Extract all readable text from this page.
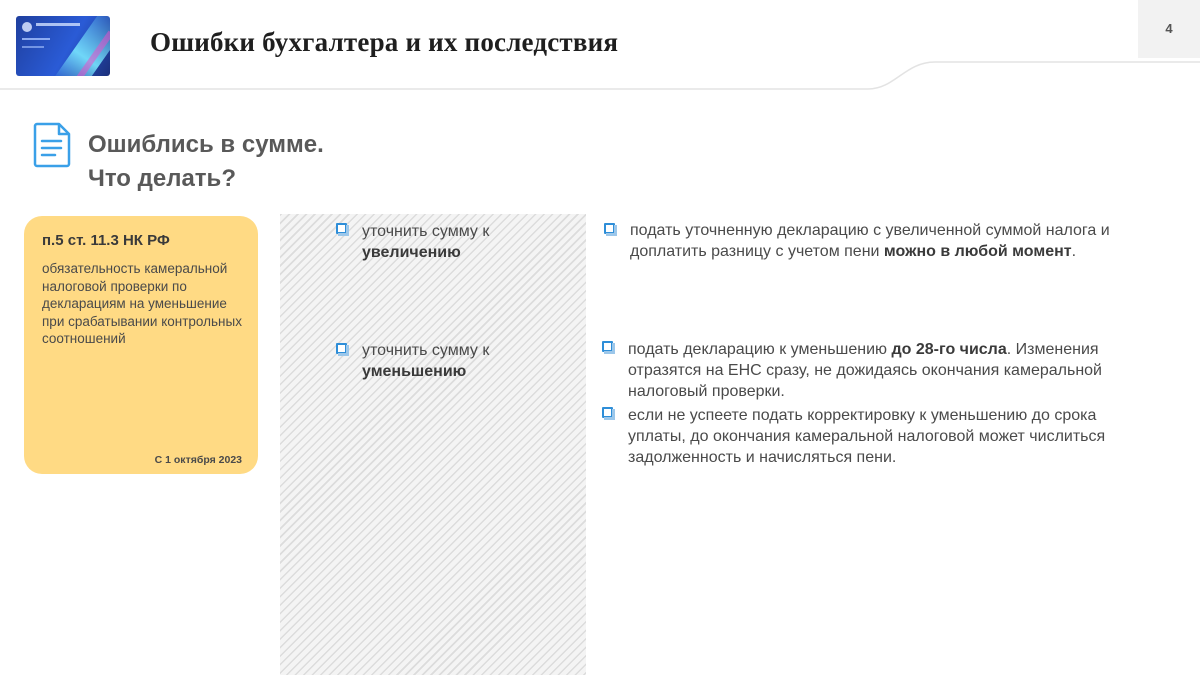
Ошибки бухгалтера и их последствия	4
Ошиблись в сумме.
Что делать?
п.5 ст. 11.3 НК РФ
обязательность камеральной налоговой проверки по декларациям на уменьшение при срабатывании контрольных соотношений
С 1 октября 2023
уточнить сумму к
увеличению
уточнить сумму к
уменьшению
подать уточненную декларацию с увеличенной суммой налога и доплатить разницу с учетом пени можно в любой момент.
подать декларацию к уменьшению до 28-го числа. Изменения отразятся на ЕНС сразу, не дожидаясь окончания камеральной налоговый проверки.
если не успеете подать корректировку к уменьшению до срока уплаты, до окончания камеральной налоговой может числиться задолженность и начисляться пени.
